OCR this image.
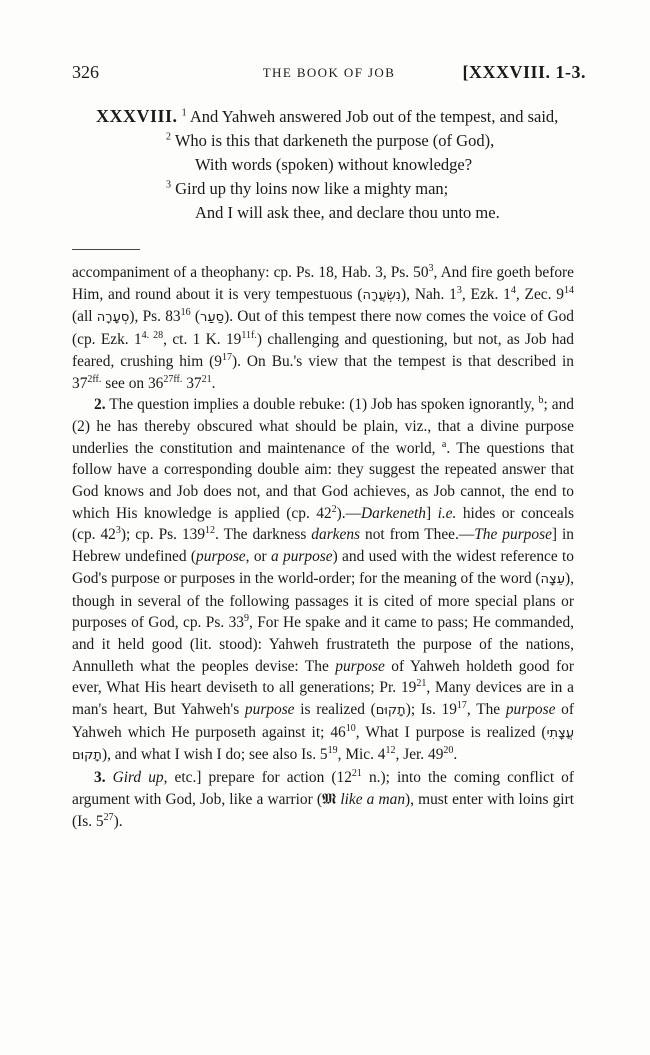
326	THE BOOK OF JOB	[XXXVIII. 1-3.

XXXVIII. $^1$ And Yahweh answered Job out of the tempest, and said,

$^2$ Who is this that darkeneth the purpose (of God),
With words (spoken) without knowledge?
$^3$ Gird up thy loins now like a mighty man;
And I will ask thee, and declare thou unto me.

accompaniment of a theophany: cp. Ps. 18, Hab. 3, Ps. $50^3$, And fire goeth before Him, and round about it is very tempestuous (נִשְׂעֲרָה), Nah. $1^3$, Ezk. $1^4$, Zec. $9^{14}$ (all סְעָרָה), Ps. $83^{16}$ (סַעַר). Out of this tempest there now comes the voice of God (cp. Ezk. $1^{4. 28}$, ct. 1 K. $19^{11f.}$) challenging and questioning, but not, as Job had feared, crushing him $(9^{17})$. On Bu.'s view that the tempest is that described in $37^{2ff.}$ see on $36^{27ff.}$ $37^{21}$.

2. The question implies a double rebuke: (1) Job has spoken ignorantly, $^b$; and (2) he has thereby obscured what should be plain, viz., that a divine purpose underlies the constitution and maintenance of the world, $^a$. The questions that follow have a corresponding double aim: they suggest the repeated answer that God knows and Job does not, and that God achieves, as Job cannot, the end to which His knowledge is applied (cp. $42^2).—Darkeneth$] i.e. hides or conceals (cp. $42^3$); cp. Ps. $139^{12}$. The darkness darkens not from Thee.—The purpose] in Hebrew undefined (purpose, or a purpose) and used with the widest reference to God's purpose or purposes in the world-order; for the meaning of the word (עֵצָה), though in several of the following passages it is cited of more special plans or purposes of God, cp. Ps. $33^9$, For He spake and it came to pass; He commanded, and it held good (lit. stood): Yahweh frustrateth the purpose of the nations, Annulleth what the peoples devise: The purpose of Yahweh holdeth good for ever, What His heart deviseth to all generations; Pr. $19^{21}$, Many devices are in a man's heart, But Yahweh's purpose is realized (תָקוּם); Is. $19^{17}$, The purpose of Yahweh which He purposeth against it; $46^{10}$, What I purpose is realized (עֲצָתִי תָקוּם), and what I wish I do; see also Is. $5^{19}$, Mic. $4^{12}$, Jer. $49^{20}$.

3. Gird up, etc.] prepare for action ($12^{21}$ n.); into the coming conflict of argument with God, Job, like a warrior (𝕸 like a man), must enter with loins girt (Is. $5^{27}$).
